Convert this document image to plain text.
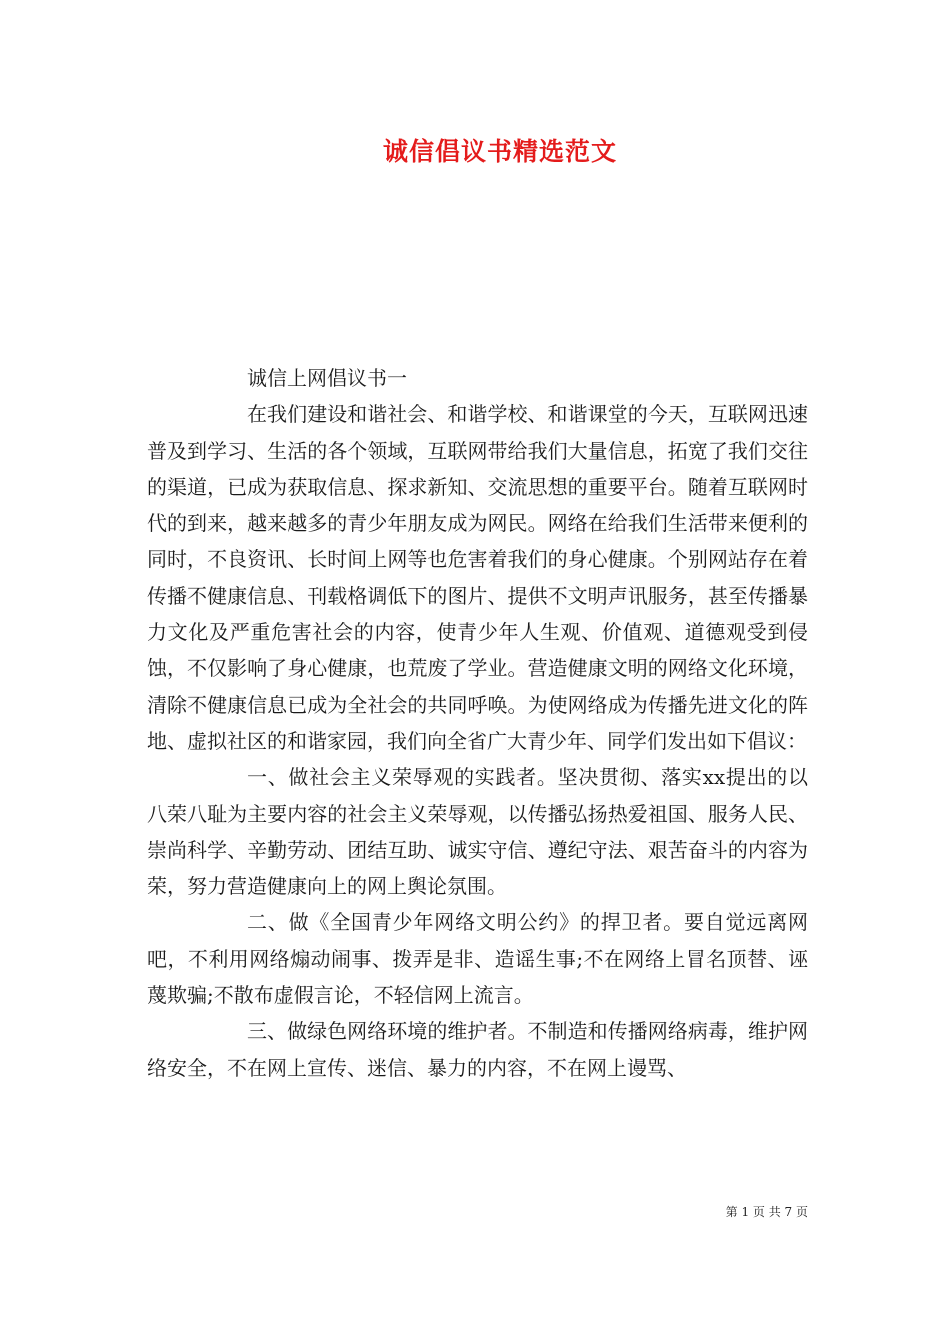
诚信倡议书精选范文

诚信上网倡议书一

在我们建设和谐社会、和谐学校、和谐课堂的今天，互联网迅速普及到学习、生活的各个领域，互联网带给我们大量信息，拓宽了我们交往的渠道，已成为获取信息、探求新知、交流思想的重要平台。随着互联网时代的到来，越来越多的青少年朋友成为网民。网络在给我们生活带来便利的同时，不良资讯、长时间上网等也危害着我们的身心健康。个别网站存在着传播不健康信息、刊载格调低下的图片、提供不文明声讯服务，甚至传播暴力文化及严重危害社会的内容，使青少年人生观、价值观、道德观受到侵蚀，不仅影响了身心健康，也荒废了学业。营造健康文明的网络文化环境，清除不健康信息已成为全社会的共同呼唤。为使网络成为传播先进文化的阵地、虚拟社区的和谐家园，我们向全省广大青少年、同学们发出如下倡议：

一、做社会主义荣辱观的实践者。坚决贯彻、落实xx提出的以八荣八耻为主要内容的社会主义荣辱观，以传播弘扬热爱祖国、服务人民、崇尚科学、辛勤劳动、团结互助、诚实守信、遵纪守法、艰苦奋斗的内容为荣，努力营造健康向上的网上舆论氛围。

二、做《全国青少年网络文明公约》的捍卫者。要自觉远离网吧，不利用网络煽动闹事、拨弄是非、造谣生事;不在网络上冒名顶替、诬蔑欺骗;不散布虚假言论，不轻信网上流言。

三、做绿色网络环境的维护者。不制造和传播网络病毒，维护网络安全，不在网上宣传、迷信、暴力的内容，不在网上谩骂、

第 1 页 共 7 页
